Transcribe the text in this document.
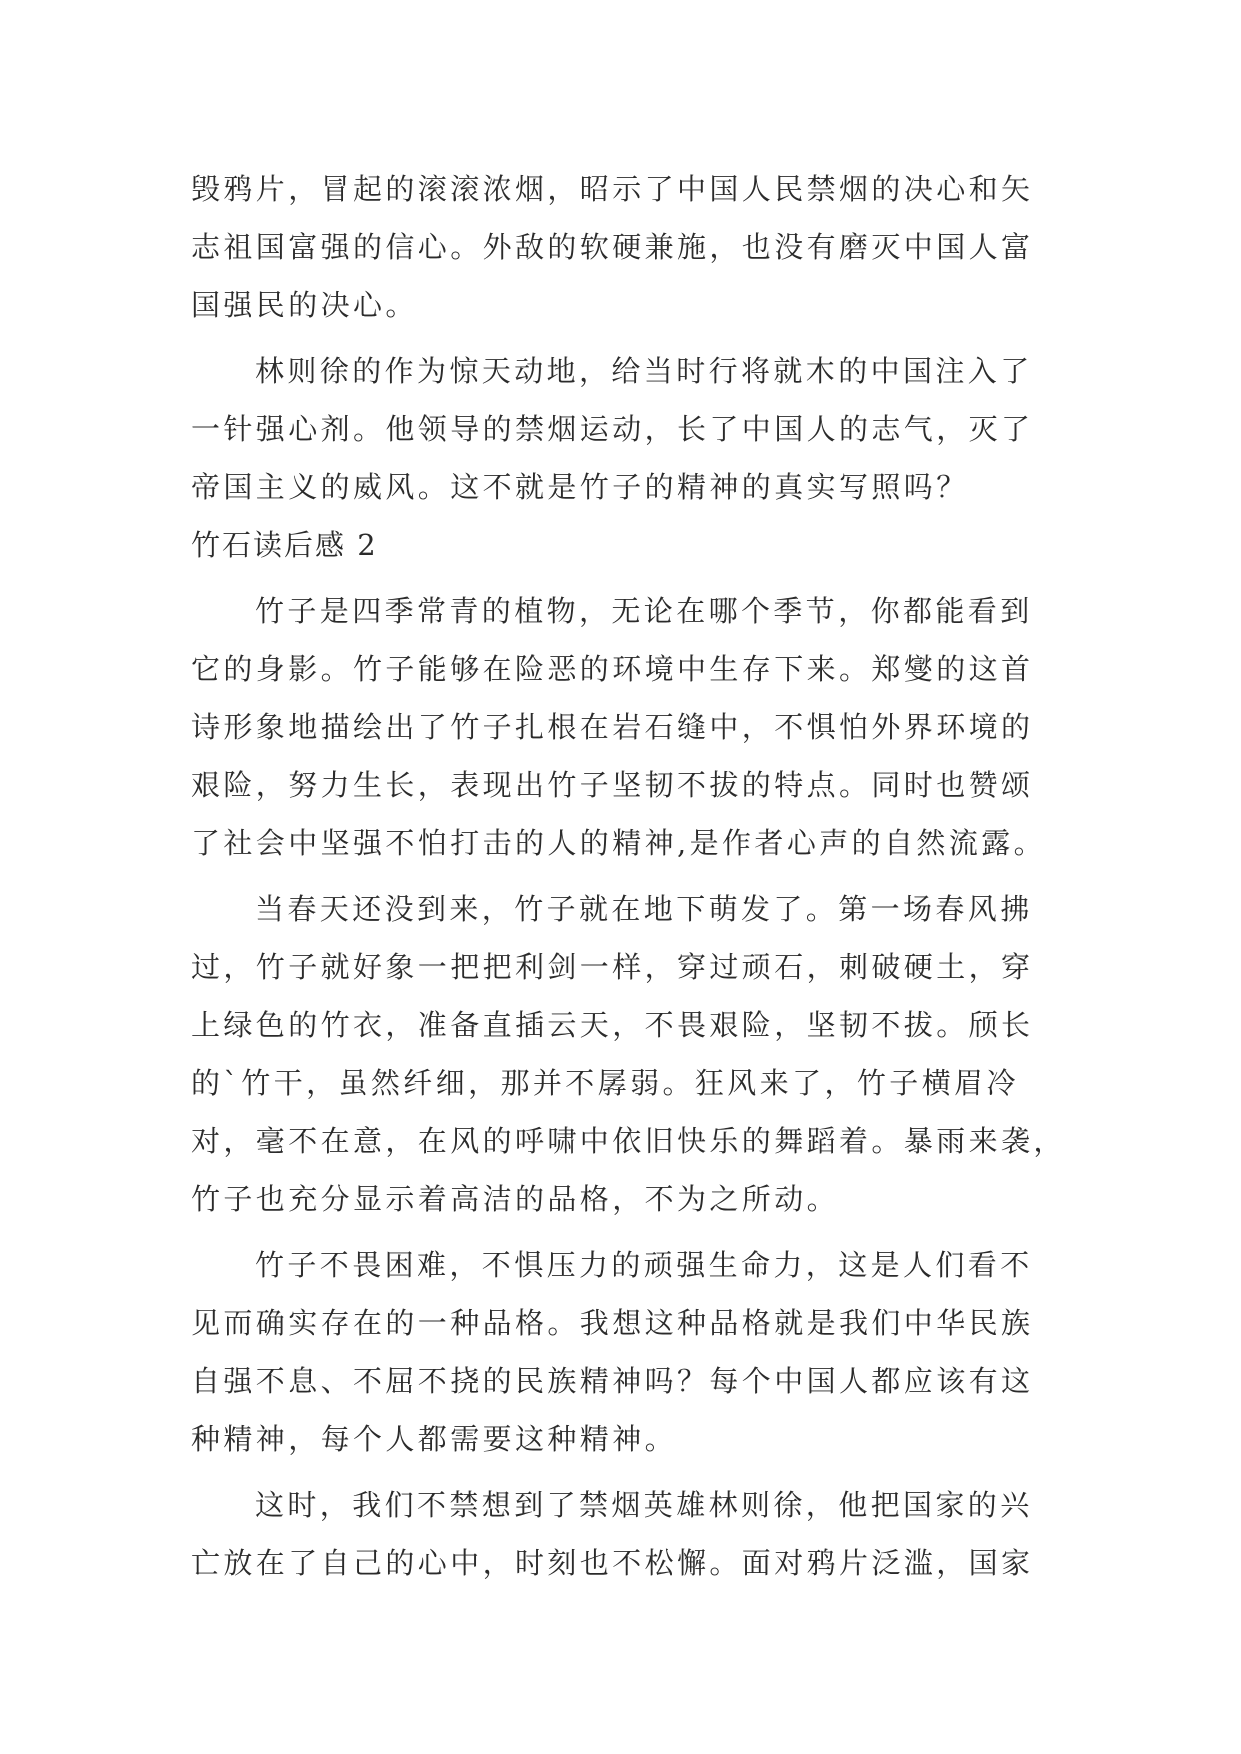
毁鸦片，冒起的滚滚浓烟，昭示了中国人民禁烟的决心和矢
志祖国富强的信心。外敌的软硬兼施，也没有磨灭中国人富
国强民的决心。
林则徐的作为惊天动地，给当时行将就木的中国注入了
一针强心剂。他领导的禁烟运动，长了中国人的志气，灭了
帝国主义的威风。这不就是竹子的精神的真实写照吗？
竹石读后感 2
竹子是四季常青的植物，无论在哪个季节，你都能看到
它的身影。竹子能够在险恶的环境中生存下来。郑燮的这首
诗形象地描绘出了竹子扎根在岩石缝中，不惧怕外界环境的
艰险，努力生长，表现出竹子坚韧不拔的特点。同时也赞颂
了社会中坚强不怕打击的人的精神,是作者心声的自然流露。
当春天还没到来，竹子就在地下萌发了。第一场春风拂
过，竹子就好象一把把利剑一样，穿过顽石，刺破硬土，穿
上绿色的竹衣，准备直插云天，不畏艰险，坚韧不拔。颀长
的`竹干，虽然纤细，那并不孱弱。狂风来了，竹子横眉冷
对，毫不在意，在风的呼啸中依旧快乐的舞蹈着。暴雨来袭，
竹子也充分显示着高洁的品格，不为之所动。
竹子不畏困难，不惧压力的顽强生命力，这是人们看不
见而确实存在的一种品格。我想这种品格就是我们中华民族
自强不息、不屈不挠的民族精神吗？每个中国人都应该有这
种精神，每个人都需要这种精神。
这时，我们不禁想到了禁烟英雄林则徐，他把国家的兴
亡放在了自己的心中，时刻也不松懈。面对鸦片泛滥，国家
